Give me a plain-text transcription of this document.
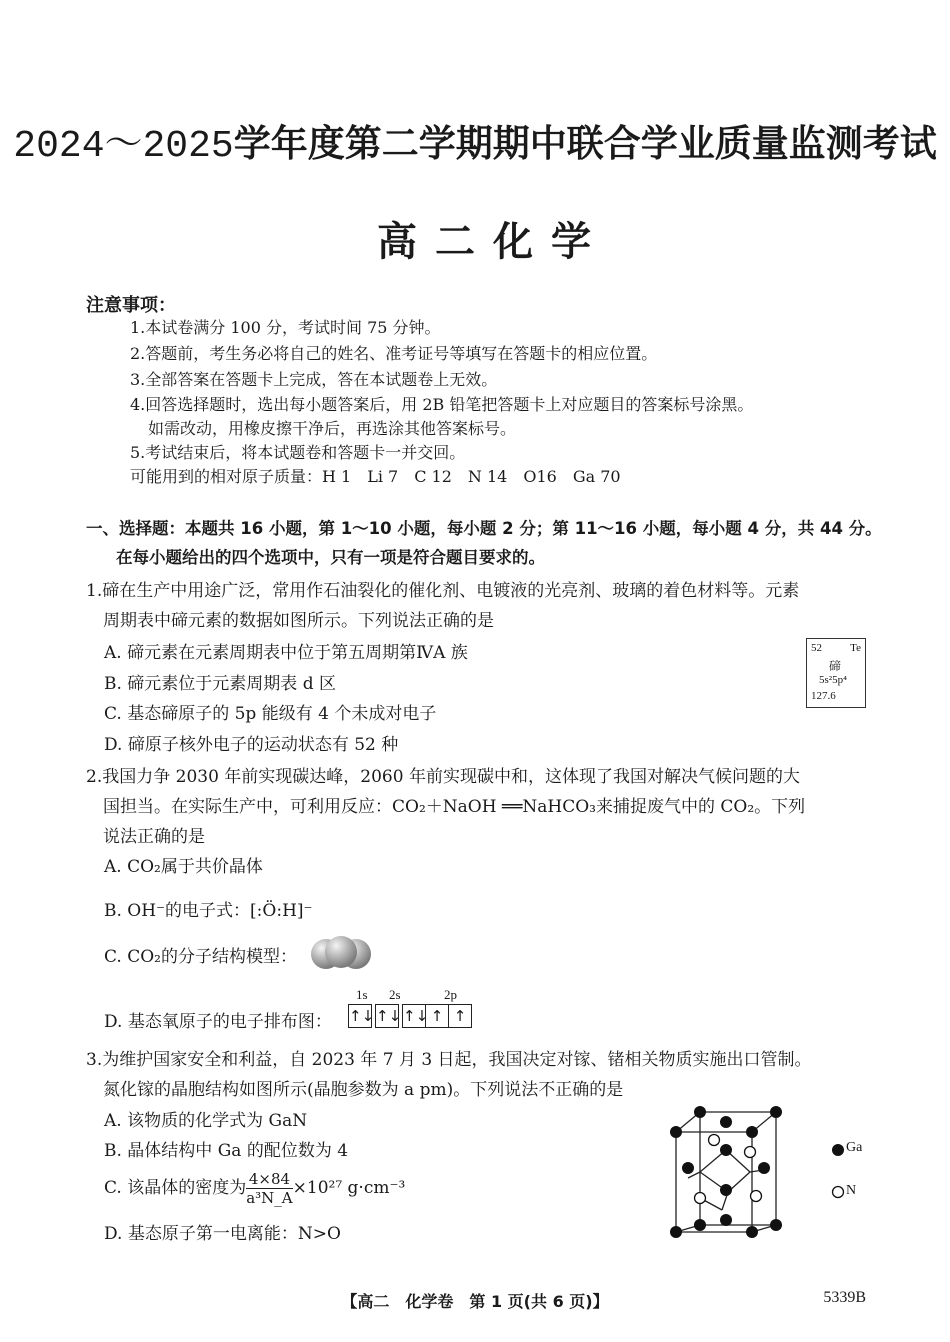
2024～2025学年度第二学期期中联合学业质量监测考试
高二化学
注意事项：
1.本试卷满分 100 分，考试时间 75 分钟。
2.答题前，考生务必将自己的姓名、准考证号等填写在答题卡的相应位置。
3.全部答案在答题卡上完成，答在本试题卷上无效。
4.回答选择题时，选出每小题答案后，用 2B 铅笔把答题卡上对应题目的答案标号涂黑。
如需改动，用橡皮擦干净后，再选涂其他答案标号。
5.考试结束后，将本试题卷和答题卡一并交回。
可能用到的相对原子质量：H 1　Li 7　C 12　N 14　O16　Ga 70
一、选择题：本题共 16 小题，第 1～10 小题，每小题 2 分；第 11～16 小题，每小题 4 分，共 44 分。
在每小题给出的四个选项中，只有一项是符合题目要求的。
1.碲在生产中用途广泛，常用作石油裂化的催化剂、电镀液的光亮剂、玻璃的着色材料等。元素
周期表中碲元素的数据如图所示。下列说法正确的是
A. 碲元素在元素周期表中位于第五周期第ⅣA 族
B. 碲元素位于元素周期表 d 区
C. 基态碲原子的 5p 能级有 4 个未成对电子
D. 碲原子核外电子的运动状态有 52 种
52	Te
碲
5s²5p⁴
127.6
2.我国力争 2030 年前实现碳达峰，2060 年前实现碳中和，这体现了我国对解决气候问题的大
国担当。在实际生产中，可利用反应：CO₂＋NaOH ══NaHCO₃来捕捉废气中的 CO₂。下列
说法正确的是
A. CO₂属于共价晶体
B. OH⁻的电子式：[:Ö:H]⁻
C. CO₂的分子结构模型：
D. 基态氧原子的电子排布图：
1s 2s	2p
↑↓ ↑↓ ↑↓ ↑ ↑
3.为维护国家安全和利益，自 2023 年 7 月 3 日起，我国决定对镓、锗相关物质实施出口管制。
氮化镓的晶胞结构如图所示(晶胞参数为 a pm)。下列说法不正确的是
A. 该物质的化学式为 GaN
B. 晶体结构中 Ga 的配位数为 4
C. 该晶体的密度为 $\frac{4\times 84}{\text{a³N\_A}} \times 10^{27}$ g·cm⁻³
D. 基态原子第一电离能：N>O
Ga
N
【高二　化学卷　第 1 页(共 6 页)】	5339B
